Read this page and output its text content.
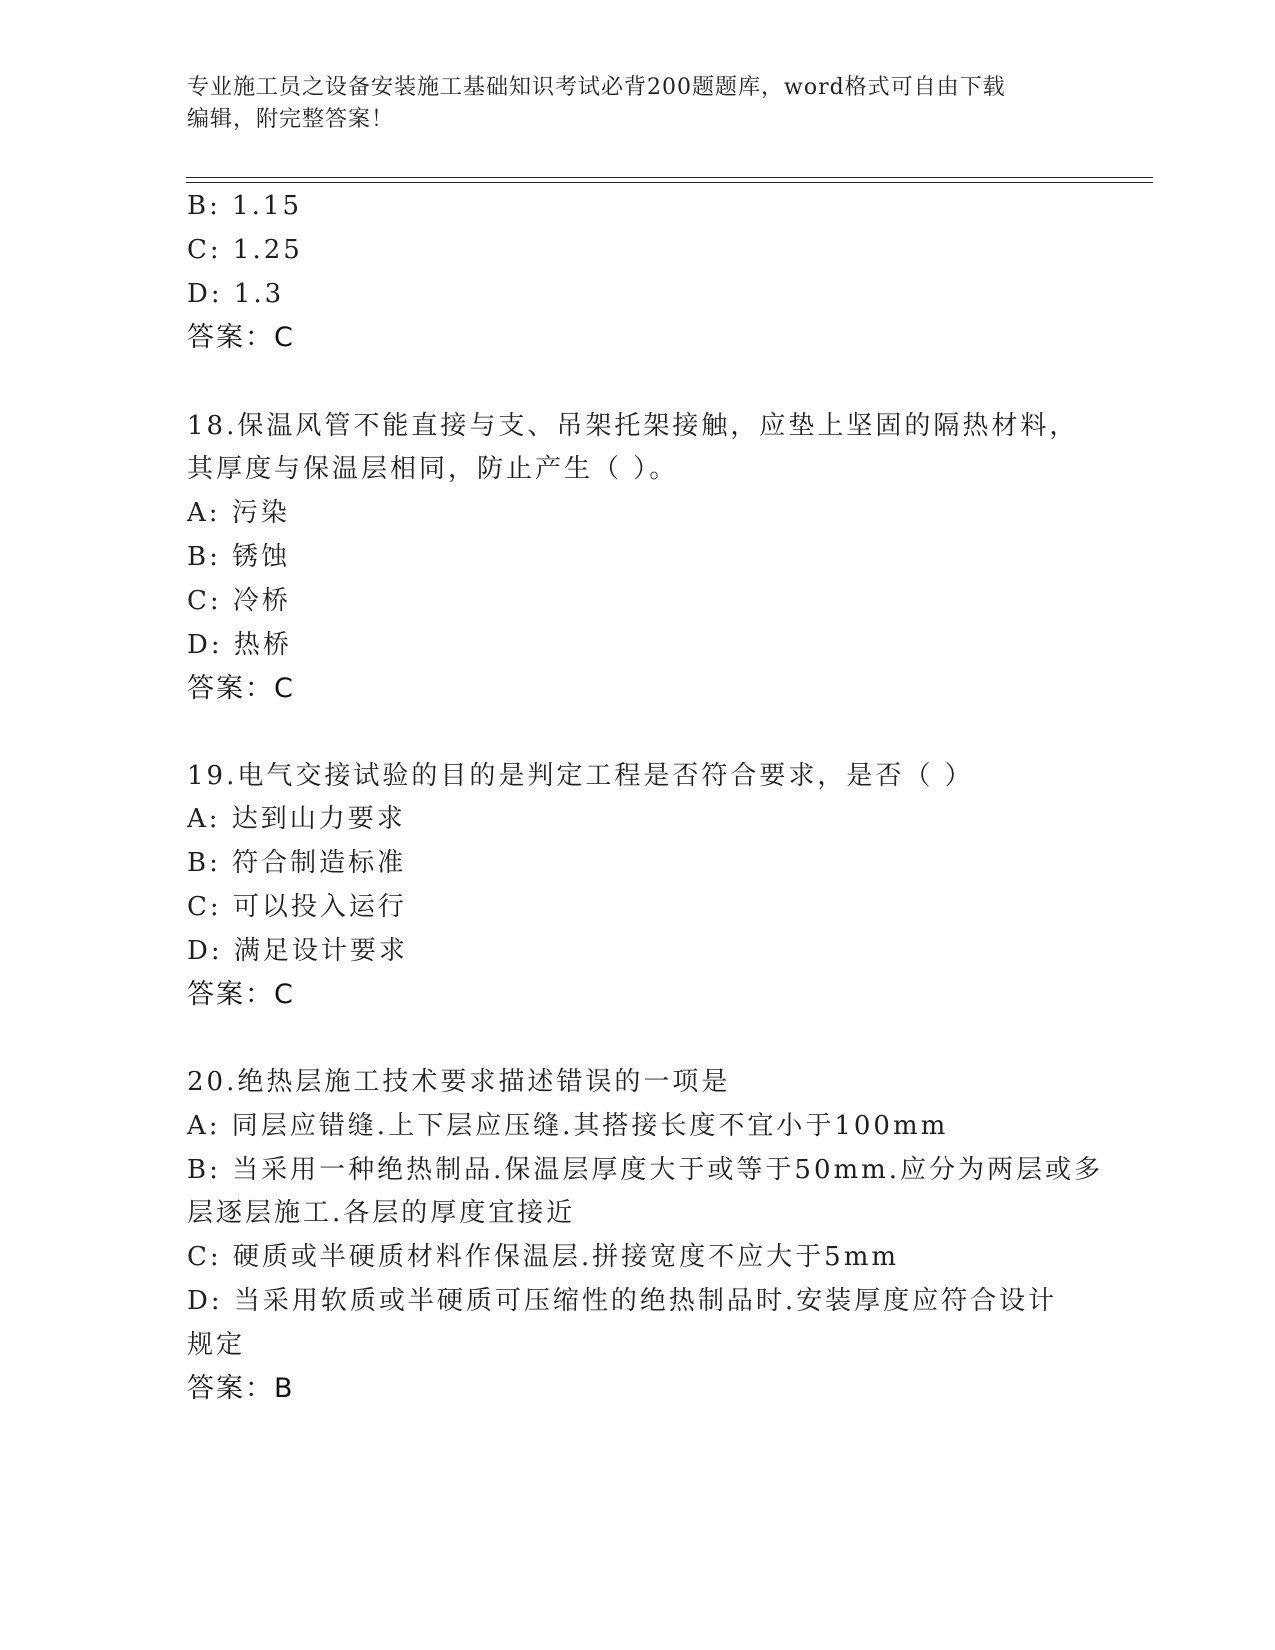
专业施工员之设备安装施工基础知识考试必背200题题库，word格式可自由下载
编辑，附完整答案！
B: 1.15
C: 1.25
D: 1.3
答案：C
18.保温风管不能直接与支、吊架托架接触，应垫上坚固的隔热材料，
其厚度与保温层相同，防止产生（ ）。
A: 污染
B: 锈蚀
C: 冷桥
D: 热桥
答案：C
19.电气交接试验的目的是判定工程是否符合要求，是否（ ）
A: 达到山力要求
B: 符合制造标准
C: 可以投入运行
D: 满足设计要求
答案：C
20.绝热层施工技术要求描述错误的一项是
A: 同层应错缝.上下层应压缝.其搭接长度不宜小于100mm
B: 当采用一种绝热制品.保温层厚度大于或等于50mm.应分为两层或多
层逐层施工.各层的厚度宜接近
C: 硬质或半硬质材料作保温层.拼接宽度不应大于5mm
D: 当采用软质或半硬质可压缩性的绝热制品时.安装厚度应符合设计
规定
答案：B
